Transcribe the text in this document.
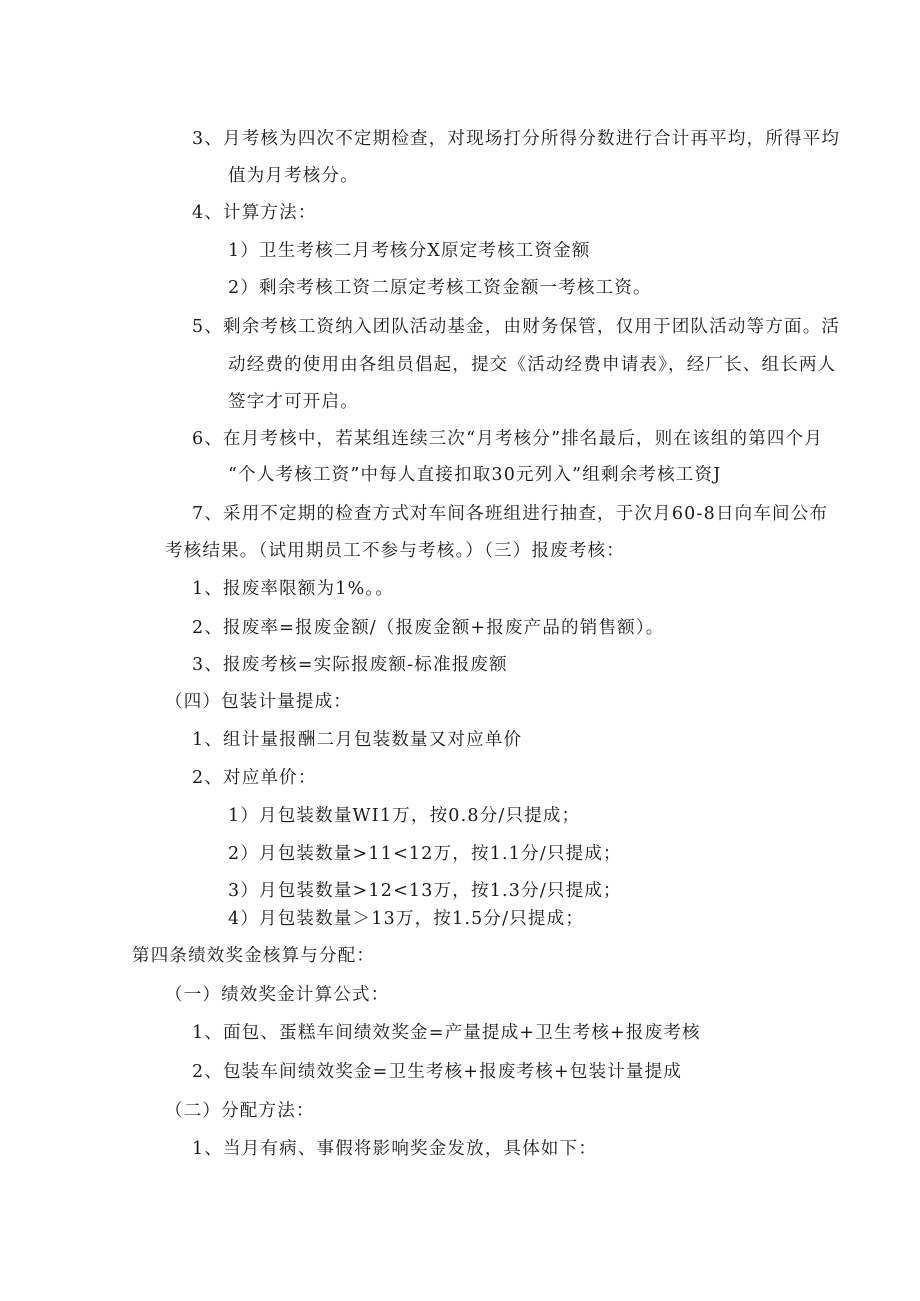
3、月考核为四次不定期检查，对现场打分所得分数进行合计再平均，所得平均
值为月考核分。
4、计算方法：
1）卫生考核二月考核分X原定考核工资金额
2）剩余考核工资二原定考核工资金额一考核工资。
5、剩余考核工资纳入团队活动基金，由财务保管，仅用于团队活动等方面。活
动经费的使用由各组员倡起，提交《活动经费申请表》，经厂长、组长两人
签字才可开启。
6、在月考核中，若某组连续三次“月考核分”排名最后，则在该组的第四个月
“个人考核工资”中每人直接扣取30元列入”组剩余考核工资J
7、采用不定期的检查方式对车间各班组进行抽查，于次月60-8日向车间公布
考核结果。（试用期员工不参与考核。）（三）报废考核：
1、报废率限额为1%。。
2、报废率=报废金额/（报废金额+报废产品的销售额）。
3、报废考核=实际报废额-标准报废额
（四）包装计量提成：
1、组计量报酬二月包装数量又对应单价
2、对应单价：
1）月包装数量WI1万，按0.8分/只提成；
2）月包装数量>11<12万，按1.1分/只提成；
3）月包装数量>12<13万，按1.3分/只提成；
4）月包装数量＞13万，按1.5分/只提成；
第四条绩效奖金核算与分配：
（一）绩效奖金计算公式：
1、面包、蛋糕车间绩效奖金=产量提成+卫生考核+报废考核
2、包装车间绩效奖金=卫生考核+报废考核+包装计量提成
（二）分配方法：
1、当月有病、事假将影响奖金发放，具体如下：
